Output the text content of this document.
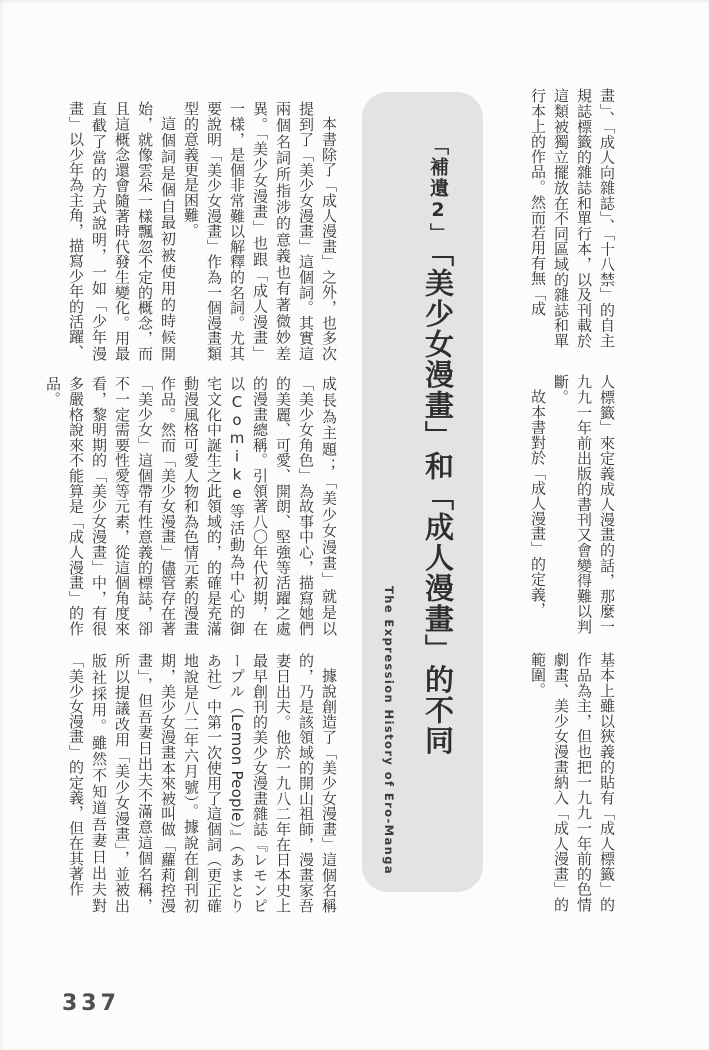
畫」、「成人向雜誌」、「十八禁」的自主規誌標籤的雜誌和單行本，以及刊載於這類被獨立擺放在不同區域的雜誌和單行本上的作品。然而若用有無「成

人標籤」來定義成人漫畫的話，那麼一九九一年前出版的書刊又會變得難以判斷。

故本書對於「成人漫畫」的定義，

基本上雖以狹義的貼有「成人標籤」的作品為主，但也把一九九一年前的色情劇畫、美少女漫畫納入「成人漫畫」的範圍。

「補遺2」「美少女漫畫」和「成人漫畫」的不同
The Expression History of Ero-Manga

本書除了「成人漫畫」之外，也多次提到了「美少女漫畫」這個詞。其實這兩個名詞所指涉的意義也有著微妙差異。「美少女漫畫」也跟「成人漫畫」一樣，是個非常難以解釋的名詞。尤其要說明「美少女漫畫」作為一個漫畫類型的意義更是困難。

這個詞是個自最初被使用的時候開始，就像雲朵一樣飄忽不定的概念，而且這概念還會隨著時代發生變化。用最直截了當的方式說明，一如「少年漫畫」以少年為主角，描寫少年的活躍、

成長為主題；「美少女漫畫」就是以「美少女角色」為故事中心，描寫她們的美麗、可愛、開朗、堅強等活躍之處的漫畫總稱。引領著八〇年代初期，在以Comike等活動為中心的御宅文化中誕生之此領域的，的確是充滿動漫風格可愛人物和為色情元素的漫畫作品。然而「美少女漫畫」儘管存在著「美少女」這個帶有性意義的標誌，卻不一定需要性愛等元素，從這個角度來看，黎明期的「美少女漫畫」中，有很多嚴格說來不能算是「成人漫畫」的作品。

據說創造了「美少女漫畫」這個名稱的，乃是該領域的開山祖師，漫畫家吾妻日出夫。他於一九八二年在日本史上最早創刊的美少女漫畫雜誌『レモンピープル（Lemon People）』（あまとりあ社）中第一次使用了這個詞（更正確地說是八二年六月號）。據說在創刊初期，美少女漫畫本來被叫做「蘿莉控漫畫」，但吾妻日出夫不滿意這個名稱，所以提議改用「美少女漫畫」，並被出版社採用。雖然不知道吾妻日出夫對「美少女漫畫」的定義，但在其著作

337
